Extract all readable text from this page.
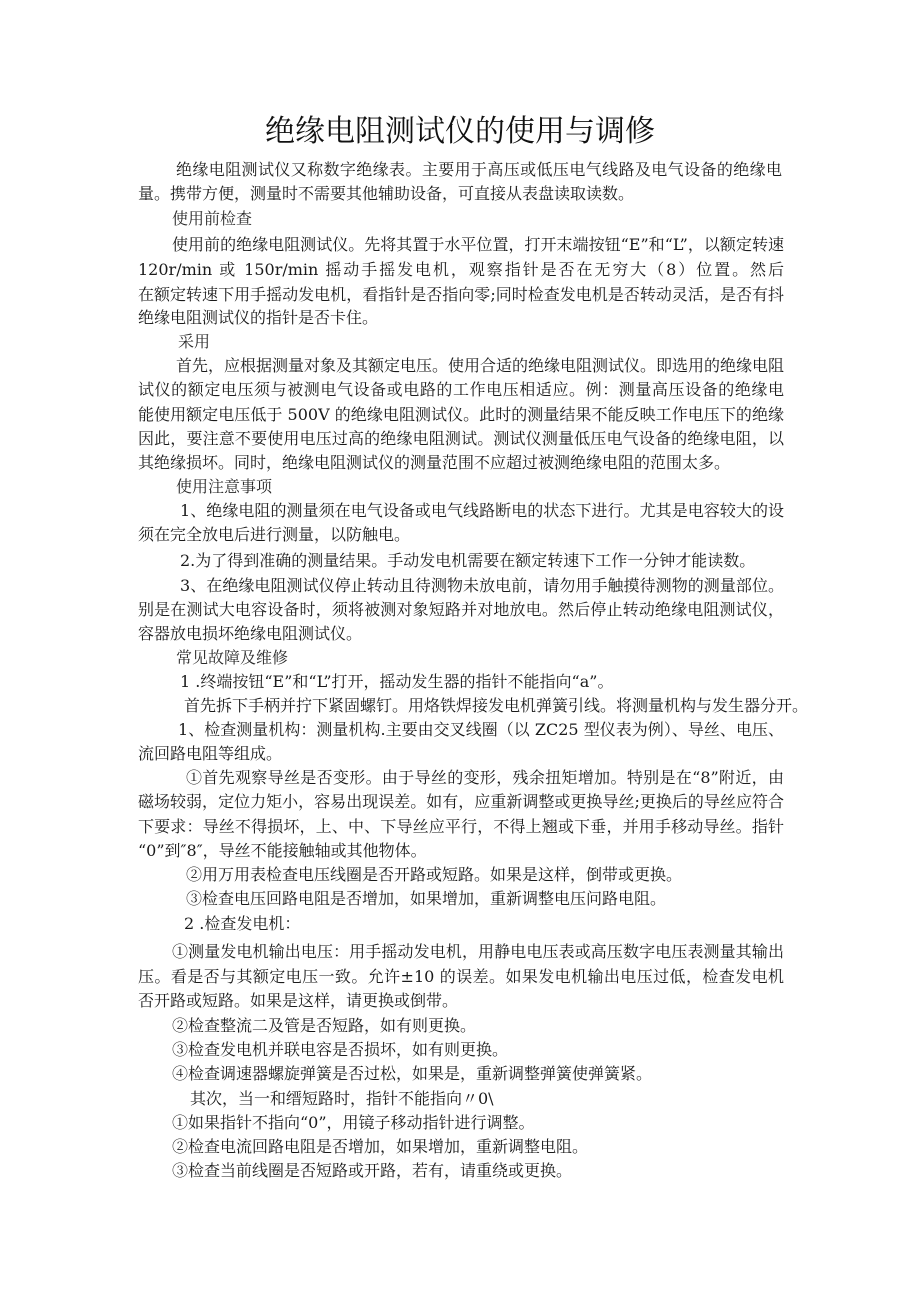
绝缘电阻测试仪的使用与调修

绝缘电阻测试仪又称数字绝缘表。主要用于高压或低压电气线路及电气设备的绝缘电

量。携带方便，测量时不需要其他辅助设备，可直接从表盘读取读数。

使用前检查

使用前的绝缘电阻测试仪。先将其置于水平位置，打开末端按钮“E”和“L”，以额定转速

120r/min 或 150r/min 摇动手摇发电机，观察指针是否在无穷大（8）位置。然后

在额定转速下用手摇动发电机，看指针是否指向零;同时检查发电机是否转动灵活，是否有抖

绝缘电阻测试仪的指针是否卡住。

采用

首先，应根据测量对象及其额定电压。使用合适的绝缘电阻测试仪。即选用的绝缘电阻

试仪的额定电压须与被测电气设备或电路的工作电压相适应。例：测量高压设备的绝缘电

能使用额定电压低于 500V 的绝缘电阻测试仪。此时的测量结果不能反映工作电压下的绝缘

因此，要注意不要使用电压过高的绝缘电阻测试。测试仪测量低压电气设备的绝缘电阻，以

其绝缘损坏。同时，绝缘电阻测试仪的测量范围不应超过被测绝缘电阻的范围太多。

使用注意事项

1、绝缘电阻的测量须在电气设备或电气线路断电的状态下进行。尤其是电容较大的设

须在完全放电后进行测量，以防触电。

2.为了得到准确的测量结果。手动发电机需要在额定转速下工作一分钟才能读数。

3、在绝缘电阻测试仪停止转动且待测物未放电前，请勿用手触摸待测物的测量部位。

别是在测试大电容设备时，须将被测对象短路并对地放电。然后停止转动绝缘电阻测试仪，

容器放电损坏绝缘电阻测试仪。

常见故障及维修

1 .终端按钮“E”和“L”打开，摇动发生器的指针不能指向“a”。

首先拆下手柄并拧下紧固螺钉。用烙铁焊接发电机弹簧引线。将测量机构与发生器分开。

1、检查测量机构：测量机构.主要由交叉线圈（以 ZC25 型仪表为例）、导丝、电压、

流回路电阻等组成。

①首先观察导丝是否变形。由于导丝的变形，残余扭矩增加。特别是在“8”附近，由

磁场较弱，定位力矩小，容易出现误差。如有，应重新调整或更换导丝;更换后的导丝应符合

下要求：导丝不得损坏，上、中、下导丝应平行，不得上翘或下垂，并用手移动导丝。指针

“0”到″8″，导丝不能接触轴或其他物体。

②用万用表检查电压线圈是否开路或短路。如果是这样，倒带或更换。

③检查电压回路电阻是否增加，如果增加，重新调整电压问路电阻。

2 .检查发电机：

①测量发电机输出电压：用手摇动发电机，用静电电压表或高压数字电压表测量其输出

压。看是否与其额定电压一致。允许±10 的误差。如果发电机输出电压过低，检查发电机

否开路或短路。如果是这样，请更换或倒带。

②检查整流二及管是否短路，如有则更换。

③检查发电机并联电容是否损坏，如有则更换。

④检查调速器螺旋弹簧是否过松，如果是，重新调整弹簧使弹簧紧。

其次，当一和缙短路时，指针不能指向〃0\

①如果指针不指向“0”，用镜子移动指针进行调整。

②检查电流回路电阻是否增加，如果增加，重新调整电阻。

③检查当前线圈是否短路或开路，若有，请重绕或更换。
